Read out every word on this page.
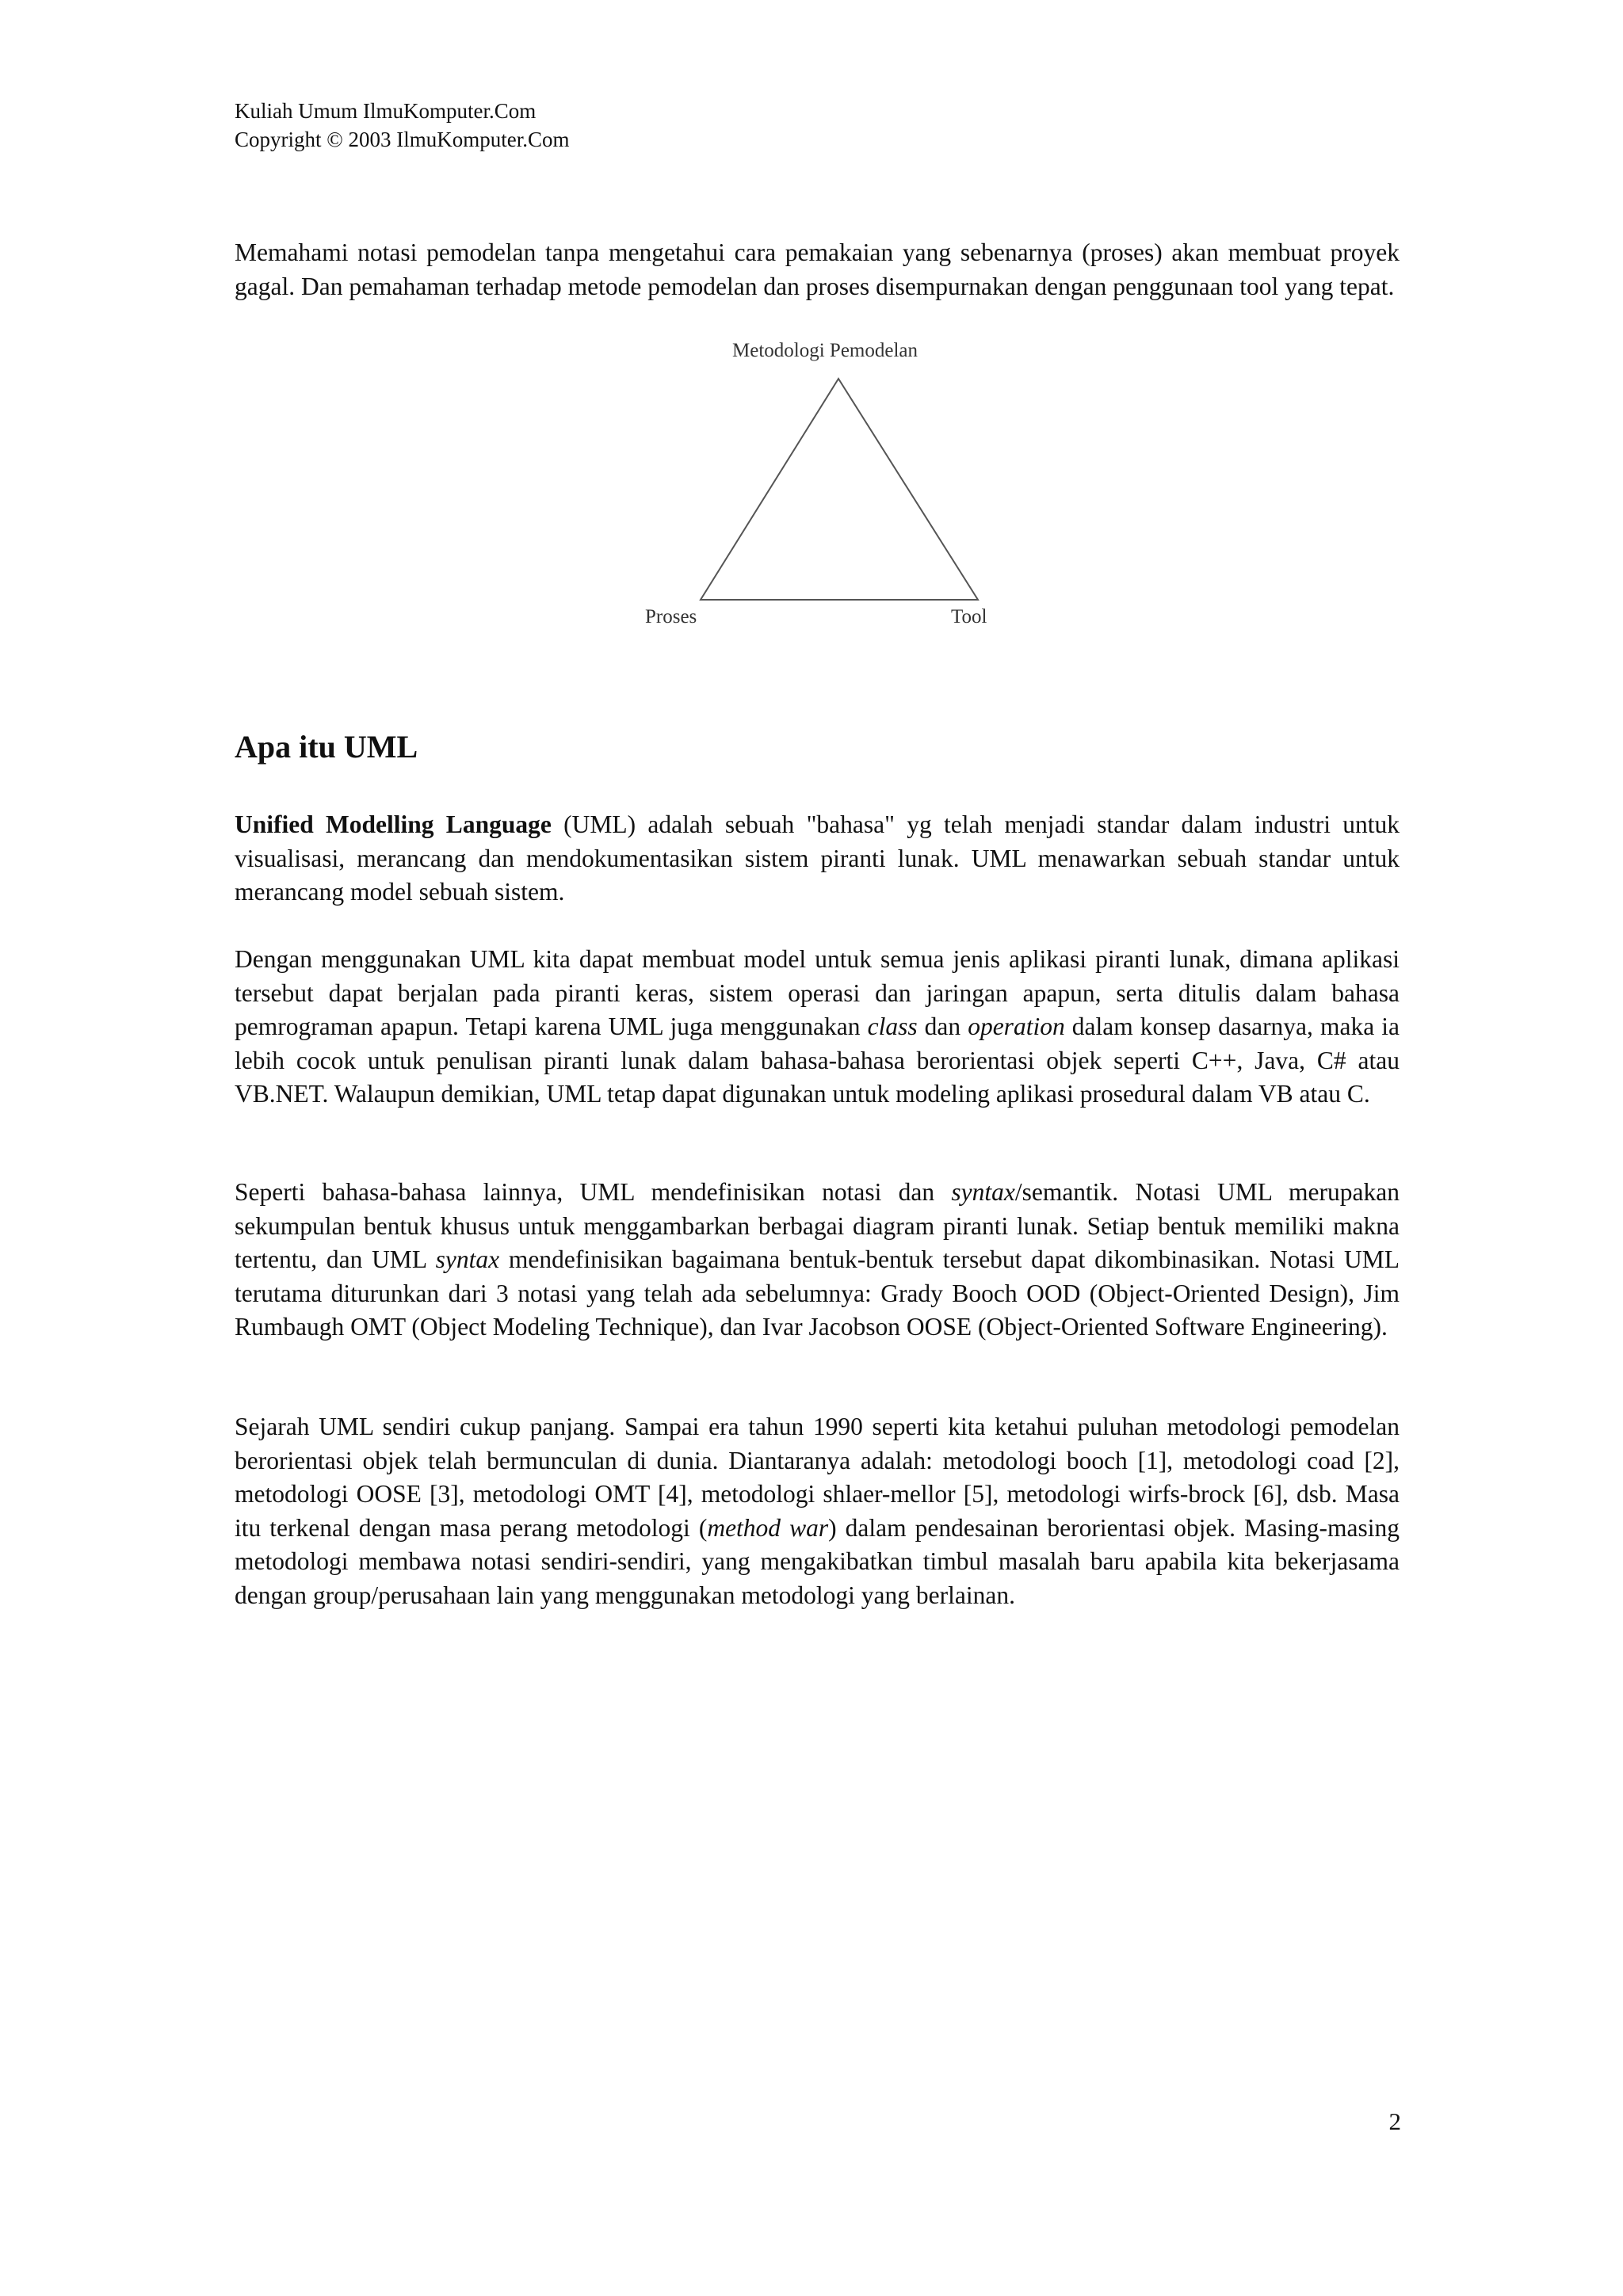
Kuliah Umum IlmuKomputer.Com
Copyright © 2003 IlmuKomputer.Com

Memahami notasi pemodelan tanpa mengetahui cara pemakaian yang sebenarnya (proses) akan membuat proyek gagal. Dan pemahaman terhadap metode pemodelan dan proses disempurnakan dengan penggunaan tool yang tepat.

Metodologi Pemodelan
Proses	Tool
Apa itu UML

Unified Modelling Language (UML) adalah sebuah "bahasa" yg telah menjadi standar dalam industri untuk visualisasi, merancang dan mendokumentasikan sistem piranti lunak. UML menawarkan sebuah standar untuk merancang model sebuah sistem.

Dengan menggunakan UML kita dapat membuat model untuk semua jenis aplikasi piranti lunak, dimana aplikasi tersebut dapat berjalan pada piranti keras, sistem operasi dan jaringan apapun, serta ditulis dalam bahasa pemrograman apapun. Tetapi karena UML juga menggunakan class dan operation dalam konsep dasarnya, maka ia lebih cocok untuk penulisan piranti lunak dalam bahasa-bahasa berorientasi objek seperti C++, Java, C# atau VB.NET. Walaupun demikian, UML tetap dapat digunakan untuk modeling aplikasi prosedural dalam VB atau C.

Seperti bahasa-bahasa lainnya, UML mendefinisikan notasi dan syntax/semantik. Notasi UML merupakan sekumpulan bentuk khusus untuk menggambarkan berbagai diagram piranti lunak. Setiap bentuk memiliki makna tertentu, dan UML syntax mendefinisikan bagaimana bentuk-bentuk tersebut dapat dikombinasikan. Notasi UML terutama diturunkan dari 3 notasi yang telah ada sebelumnya: Grady Booch OOD (Object-Oriented Design), Jim Rumbaugh OMT (Object Modeling Technique), dan Ivar Jacobson OOSE (Object-Oriented Software Engineering).

Sejarah UML sendiri cukup panjang. Sampai era tahun 1990 seperti kita ketahui puluhan metodologi pemodelan berorientasi objek telah bermunculan di dunia. Diantaranya adalah: metodologi booch [1], metodologi coad [2], metodologi OOSE [3], metodologi OMT [4], metodologi shlaer-mellor [5], metodologi wirfs-brock [6], dsb. Masa itu terkenal dengan masa perang metodologi (method war) dalam pendesainan berorientasi objek. Masing-masing metodologi membawa notasi sendiri-sendiri, yang mengakibatkan timbul masalah baru apabila kita bekerjasama dengan group/perusahaan lain yang menggunakan metodologi yang berlainan.

2
